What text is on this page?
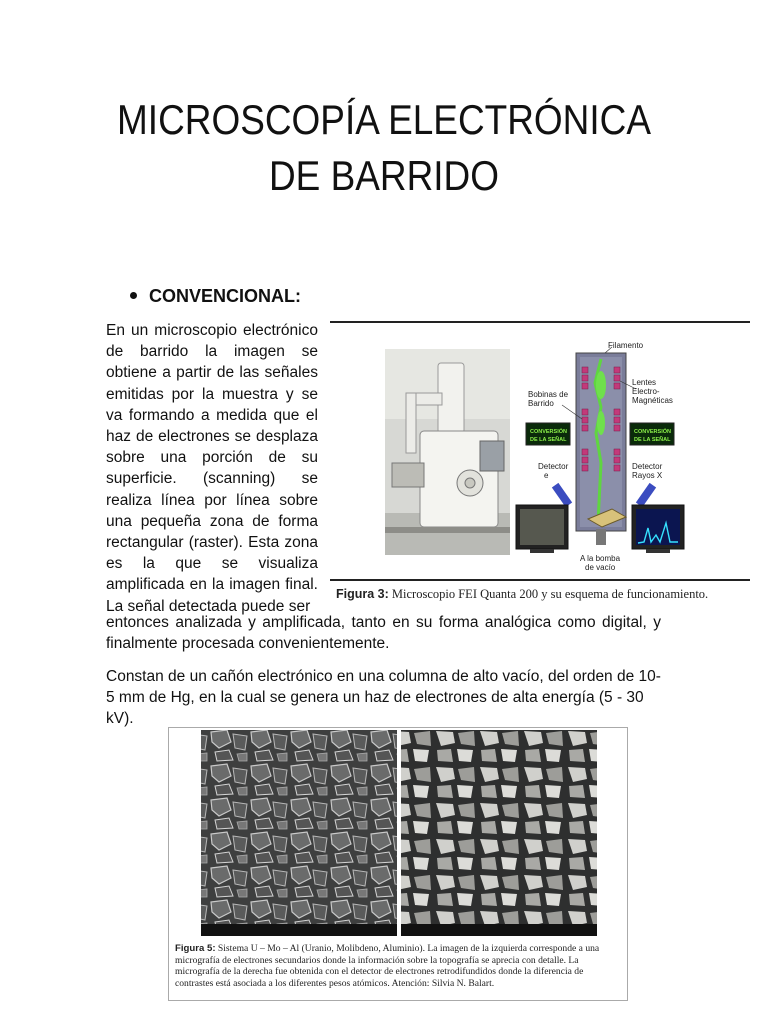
MICROSCOPÍA ELECTRÓNICA
DE BARRIDO
CONVENCIONAL:

En un microscopio electrónico de barrido la imagen se obtiene a partir de las señales emitidas por la muestra y se va formando a medida que el haz de electrones se desplaza sobre una porción de su superficie. (scanning) se realiza línea por línea sobre una pequeña zona de forma rectangular (raster). Esta zona es la que se visualiza amplificada en la imagen final. La señal detectada puede ser

Filamento
Lentes
Electro-
Magnéticas
Bobinas de
Barrido
CONVERSIÓN
DE LA SEÑAL
CONVERSIÓN
DE LA SEÑAL
Detector
e
Detector
Rayos X
A la bomba
de vacío
Figura 3: Microscopio FEI Quanta 200 y su esquema de funcionamiento.

entonces analizada y amplificada, tanto en su forma analógica como digital, y finalmente procesada convenientemente.

Constan de un cañón electrónico en una columna de alto vacío, del orden de 10-5 mm de Hg, en la cual se genera un haz de electrones de alta energía (5 - 30 kV).

Figura 5: Sistema U – Mo – Al (Uranio, Molibdeno, Aluminio). La imagen de la izquierda corresponde a una micrografía de electrones secundarios donde la información sobre la topografía se aprecia con detalle. La micrografía de la derecha fue obtenida con el detector de electrones retrodifundidos donde la diferencia de contrastes está asociada a los diferentes pesos atómicos. Atención: Silvia N. Balart.
